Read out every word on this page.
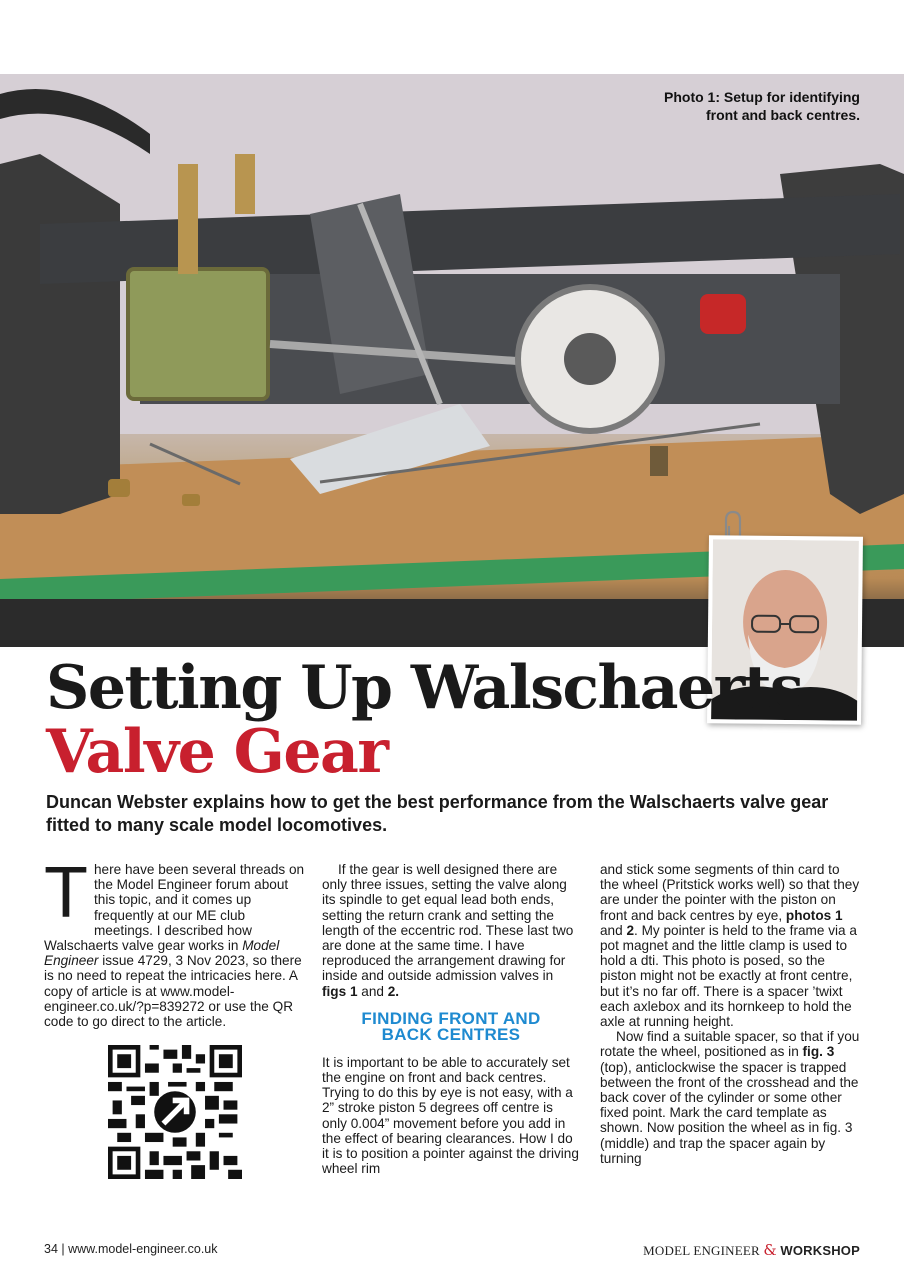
Photo 1: Setup for identifying
front and back centres.
Setting Up Walschaerts
Valve Gear

Duncan Webster explains how to get the best performance from the Walschaerts valve gear fitted to many scale model locomotives.

There have been several threads on the Model Engineer forum about this topic, and it comes up frequently at our ME club meetings. I described how Walschaerts valve gear works in Model Engineer issue 4729, 3 Nov 2023, so there is no need to repeat the intricacies here. A copy of article is at www.model-engineer.co.uk/?p=839272 or use the QR code to go direct to the article.

If the gear is well designed there are only three issues, setting the valve along its spindle to get equal lead both ends, setting the return crank and setting the length of the eccentric rod. These last two are done at the same time. I have reproduced the arrangement drawing for inside and outside admission valves in figs 1 and 2.

FINDING FRONT AND
BACK CENTRES

It is important to be able to accurately set the engine on front and back centres. Trying to do this by eye is not easy, with a 2” stroke piston 5 degrees off centre is only 0.004” movement before you add in the effect of bearing clearances. How I do it is to position a pointer against the driving wheel rim

and stick some segments of thin card to the wheel (Pritstick works well) so that they are under the pointer with the piston on front and back centres by eye, photos 1 and 2. My pointer is held to the frame via a pot magnet and the little clamp is used to hold a dti. This photo is posed, so the piston might not be exactly at front centre, but it’s no far off. There is a spacer ’twixt each axlebox and its hornkeep to hold the axle at running height.

Now find a suitable spacer, so that if you rotate the wheel, positioned as in fig. 3 (top), anticlockwise the spacer is trapped between the front of the crosshead and the back cover of the cylinder or some other fixed point. Mark the card template as shown. Now position the wheel as in fig. 3 (middle) and trap the spacer again by turning

34 | www.model-engineer.co.uk	MODEL ENGINEER & WORKSHOP
